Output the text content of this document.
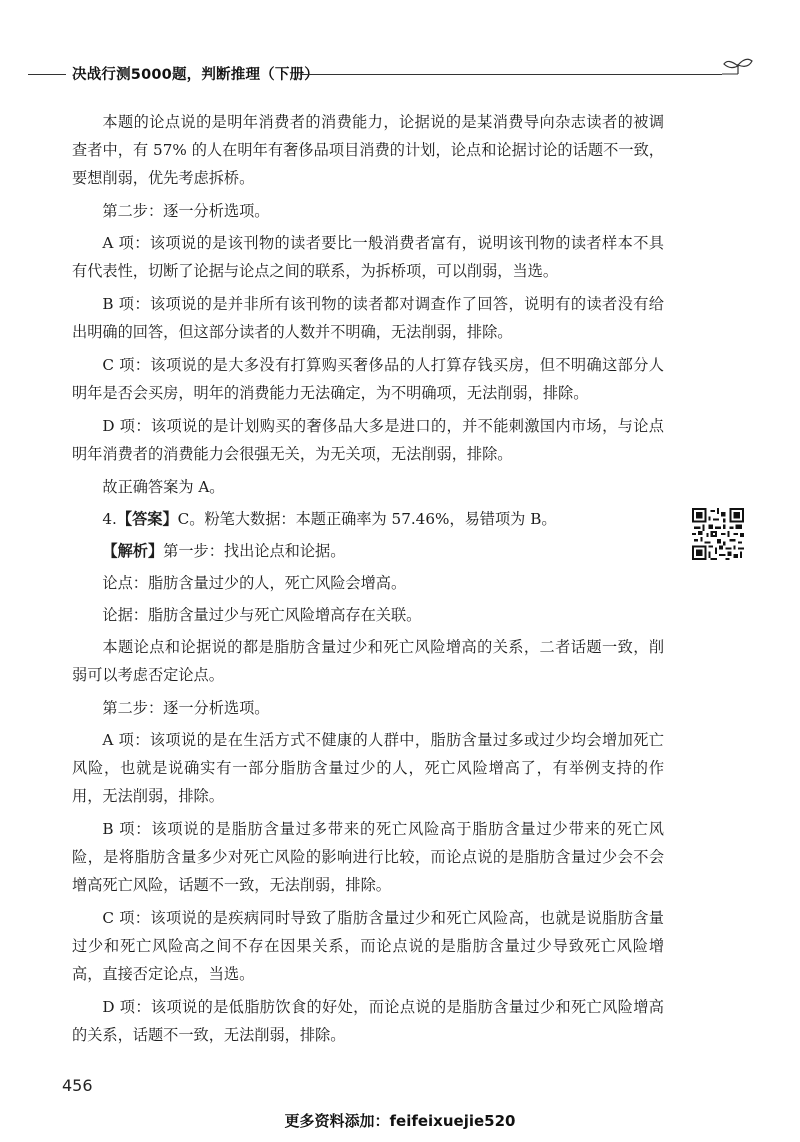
决战行测5000题，判断推理（下册）

本题的论点说的是明年消费者的消费能力，论据说的是某消费导向杂志读者的被调查者中，有 57% 的人在明年有奢侈品项目消费的计划，论点和论据讨论的话题不一致，要想削弱，优先考虑拆桥。

第二步：逐一分析选项。

A 项：该项说的是该刊物的读者要比一般消费者富有，说明该刊物的读者样本不具有代表性，切断了论据与论点之间的联系，为拆桥项，可以削弱，当选。

B 项：该项说的是并非所有该刊物的读者都对调查作了回答，说明有的读者没有给出明确的回答，但这部分读者的人数并不明确，无法削弱，排除。

C 项：该项说的是大多没有打算购买奢侈品的人打算存钱买房，但不明确这部分人明年是否会买房，明年的消费能力无法确定，为不明确项，无法削弱，排除。

D 项：该项说的是计划购买的奢侈品大多是进口的，并不能刺激国内市场，与论点明年消费者的消费能力会很强无关，为无关项，无法削弱，排除。

故正确答案为 A。

4.【答案】C。粉笔大数据：本题正确率为 57.46%，易错项为 B。

【解析】第一步：找出论点和论据。

论点：脂肪含量过少的人，死亡风险会增高。

论据：脂肪含量过少与死亡风险增高存在关联。

本题论点和论据说的都是脂肪含量过少和死亡风险增高的关系，二者话题一致，削弱可以考虑否定论点。

第二步：逐一分析选项。

A 项：该项说的是在生活方式不健康的人群中，脂肪含量过多或过少均会增加死亡风险，也就是说确实有一部分脂肪含量过少的人，死亡风险增高了，有举例支持的作用，无法削弱，排除。

B 项：该项说的是脂肪含量过多带来的死亡风险高于脂肪含量过少带来的死亡风险，是将脂肪含量多少对死亡风险的影响进行比较，而论点说的是脂肪含量过少会不会增高死亡风险，话题不一致，无法削弱，排除。

C 项：该项说的是疾病同时导致了脂肪含量过少和死亡风险高，也就是说脂肪含量过少和死亡风险高之间不存在因果关系，而论点说的是脂肪含量过少导致死亡风险增高，直接否定论点，当选。

D 项：该项说的是低脂肪饮食的好处，而论点说的是脂肪含量过少和死亡风险增高的关系，话题不一致，无法削弱，排除。

456
更多资料添加：feifeixuejie520
